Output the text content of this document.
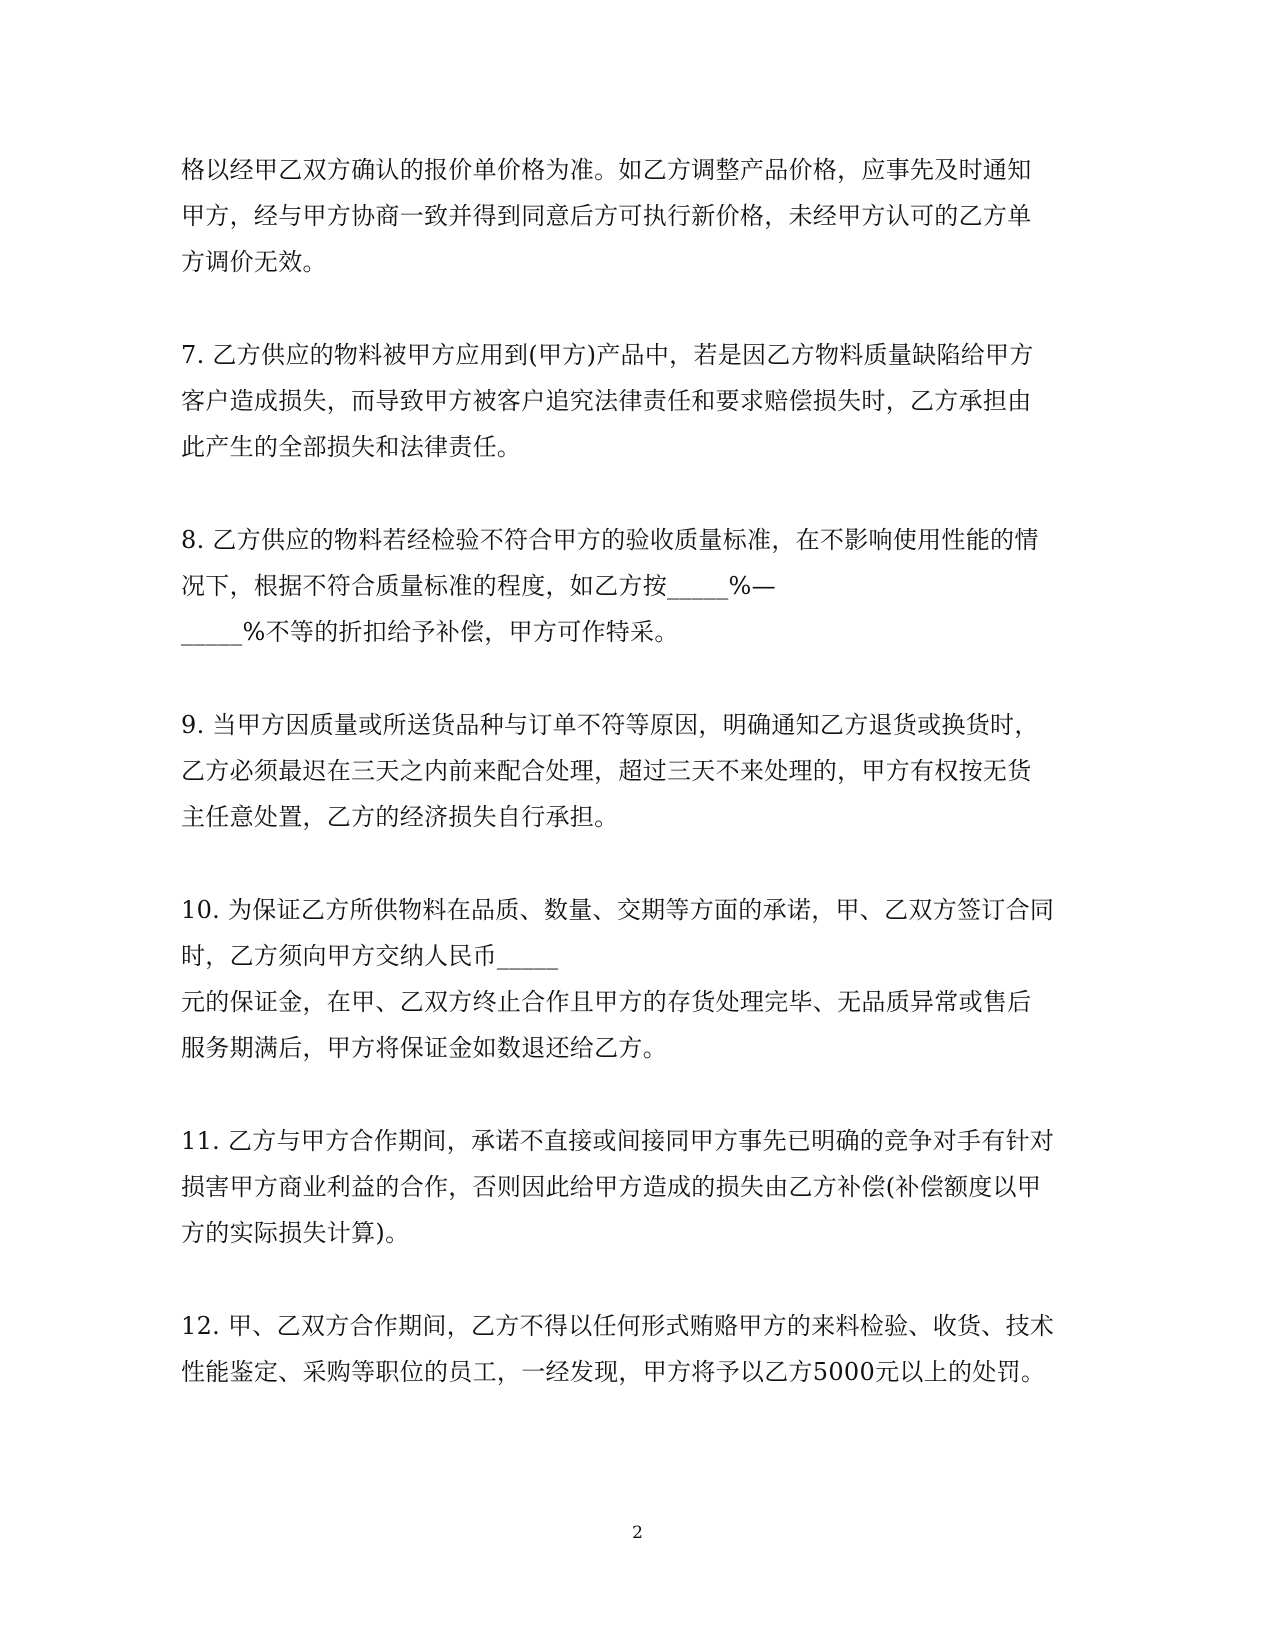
格以经甲乙双方确认的报价单价格为准。如乙方调整产品价格，应事先及时通知
甲方，经与甲方协商一致并得到同意后方可执行新价格，未经甲方认可的乙方单
方调价无效。
7. 乙方供应的物料被甲方应用到(甲方)产品中，若是因乙方物料质量缺陷给甲方
客户造成损失，而导致甲方被客户追究法律责任和要求赔偿损失时，乙方承担由
此产生的全部损失和法律责任。
8. 乙方供应的物料若经检验不符合甲方的验收质量标准，在不影响使用性能的情
况下，根据不符合质量标准的程度，如乙方按_____%—
_____%不等的折扣给予补偿，甲方可作特采。
9. 当甲方因质量或所送货品种与订单不符等原因，明确通知乙方退货或换货时，
乙方必须最迟在三天之内前来配合处理，超过三天不来处理的，甲方有权按无货
主任意处置，乙方的经济损失自行承担。
10. 为保证乙方所供物料在品质、数量、交期等方面的承诺，甲、乙双方签订合同
时，乙方须向甲方交纳人民币_____
元的保证金，在甲、乙双方终止合作且甲方的存货处理完毕、无品质异常或售后
服务期满后，甲方将保证金如数退还给乙方。
11. 乙方与甲方合作期间，承诺不直接或间接同甲方事先已明确的竞争对手有针对
损害甲方商业利益的合作，否则因此给甲方造成的损失由乙方补偿(补偿额度以甲
方的实际损失计算)。
12. 甲、乙双方合作期间，乙方不得以任何形式贿赂甲方的来料检验、收货、技术
性能鉴定、采购等职位的员工，一经发现，甲方将予以乙方5000元以上的处罚。
2
